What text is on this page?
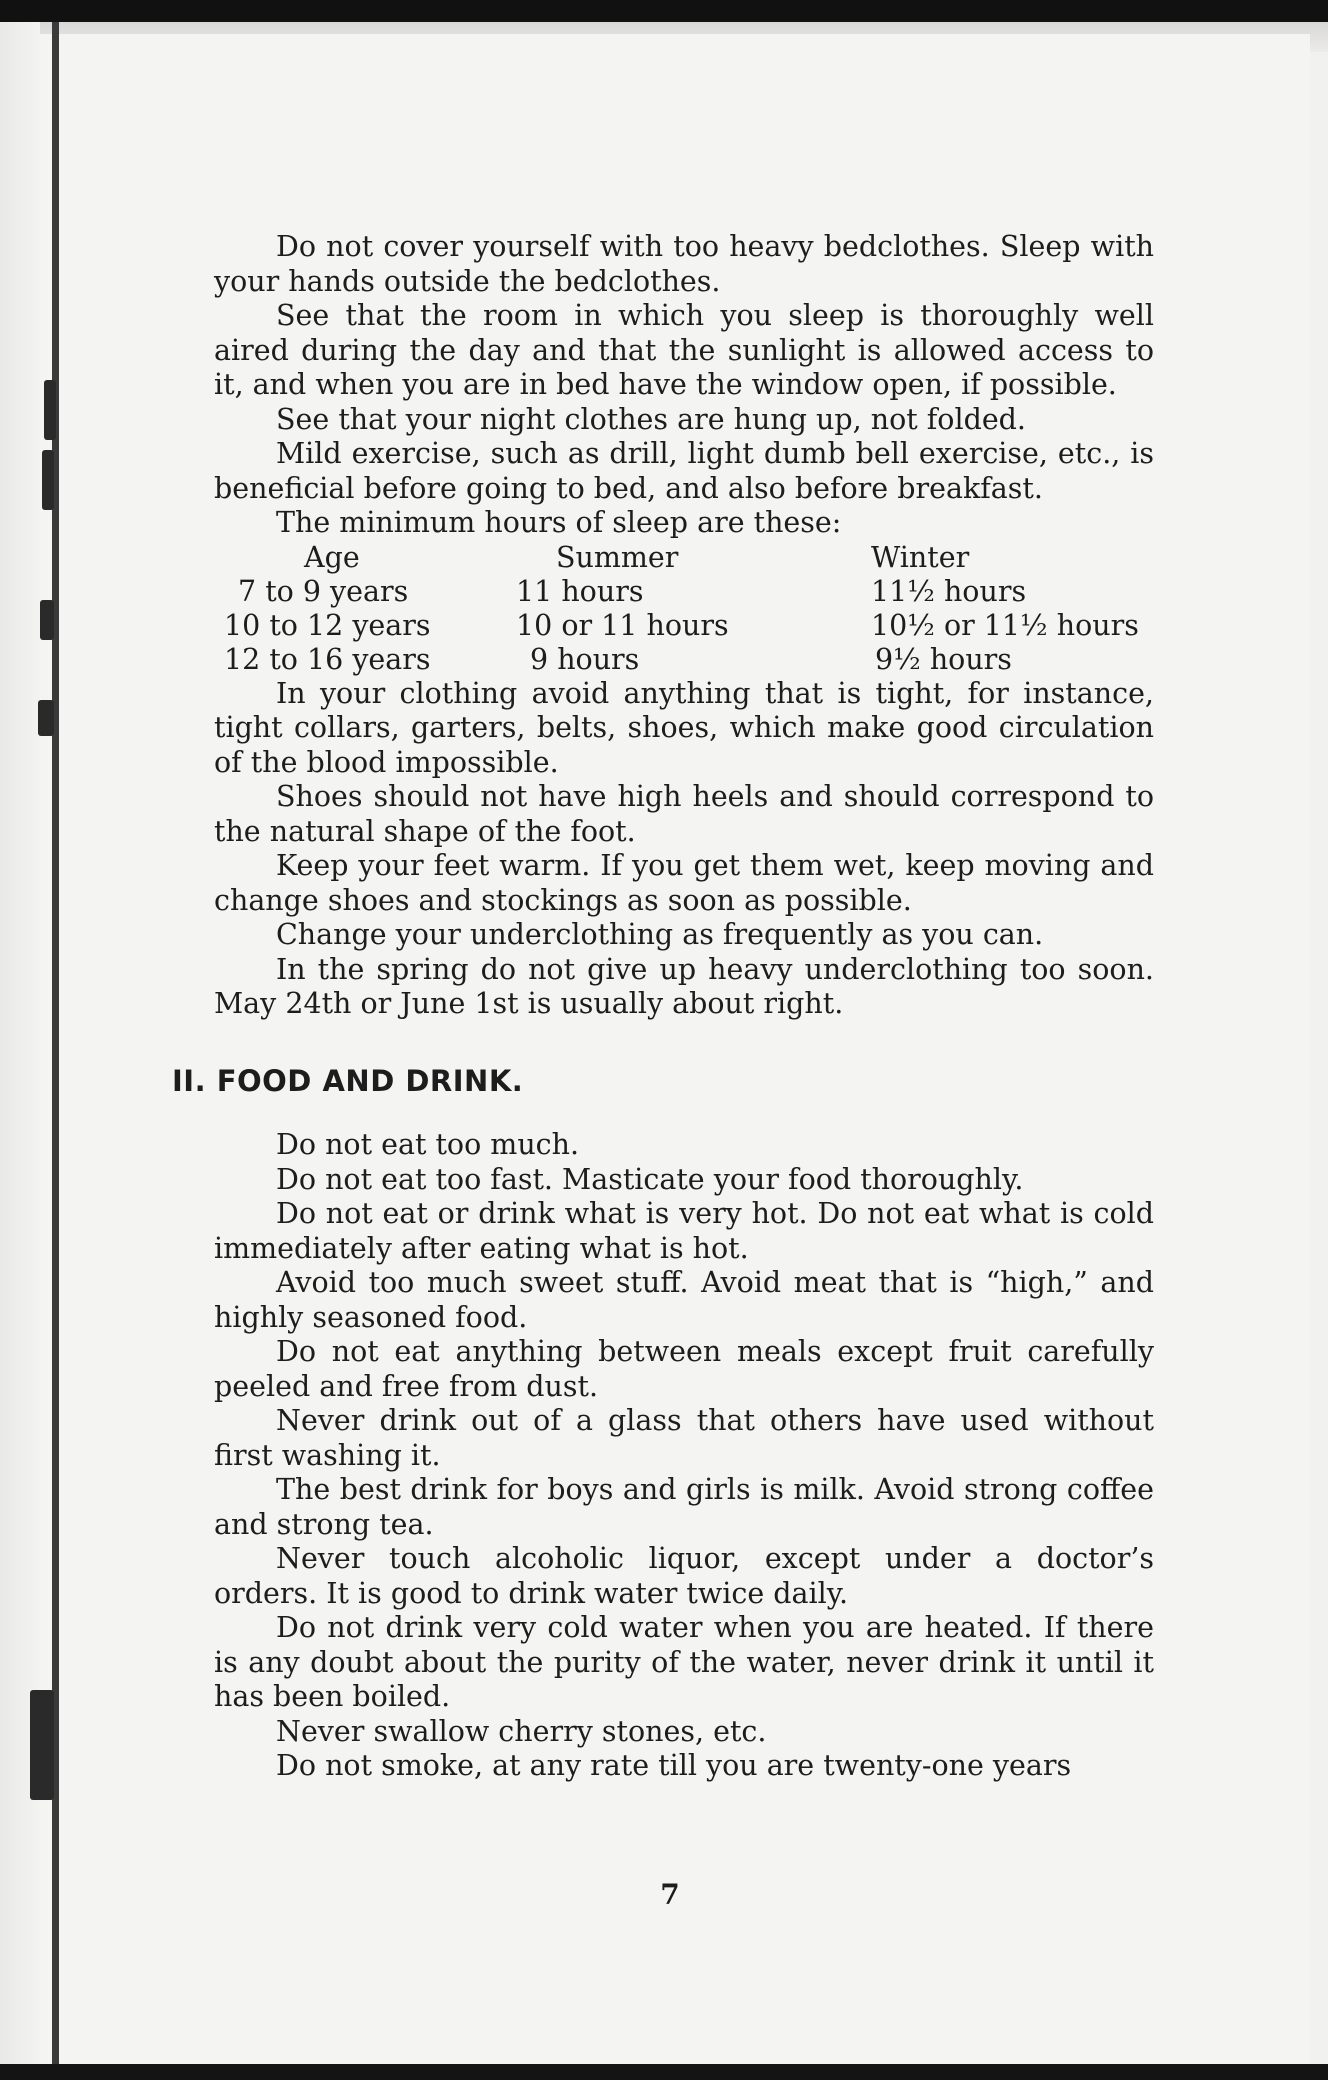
Do not cover yourself with too heavy bedclothes. Sleep with your hands outside the bedclothes.

See that the room in which you sleep is thoroughly well aired during the day and that the sunlight is allowed access to it, and when you are in bed have the window open, if possible.

See that your night clothes are hung up, not folded.

Mild exercise, such as drill, light dumb bell exercise, etc., is beneficial before going to bed, and also before breakfast.

The minimum hours of sleep are these:

Age	Summer	Winter
7 to 9 years	11 hours	11½ hours
10 to 12 years	10 or 11 hours	10½ or 11½ hours
12 to 16 years	9 hours	9½ hours

In your clothing avoid anything that is tight, for instance, tight collars, garters, belts, shoes, which make good circulation of the blood impossible.

Shoes should not have high heels and should correspond to the natural shape of the foot.

Keep your feet warm. If you get them wet, keep moving and change shoes and stockings as soon as possible.

Change your underclothing as frequently as you can.

In the spring do not give up heavy underclothing too soon. May 24th or June 1st is usually about right.

II. FOOD AND DRINK.

Do not eat too much.

Do not eat too fast. Masticate your food thoroughly.

Do not eat or drink what is very hot. Do not eat what is cold immediately after eating what is hot.

Avoid too much sweet stuff. Avoid meat that is “high,” and highly seasoned food.

Do not eat anything between meals except fruit carefully peeled and free from dust.

Never drink out of a glass that others have used without first washing it.

The best drink for boys and girls is milk. Avoid strong coffee and strong tea.

Never touch alcoholic liquor, except under a doctor’s orders. It is good to drink water twice daily.

Do not drink very cold water when you are heated. If there is any doubt about the purity of the water, never drink it until it has been boiled.

Never swallow cherry stones, etc.

Do not smoke, at any rate till you are twenty-one years

7
